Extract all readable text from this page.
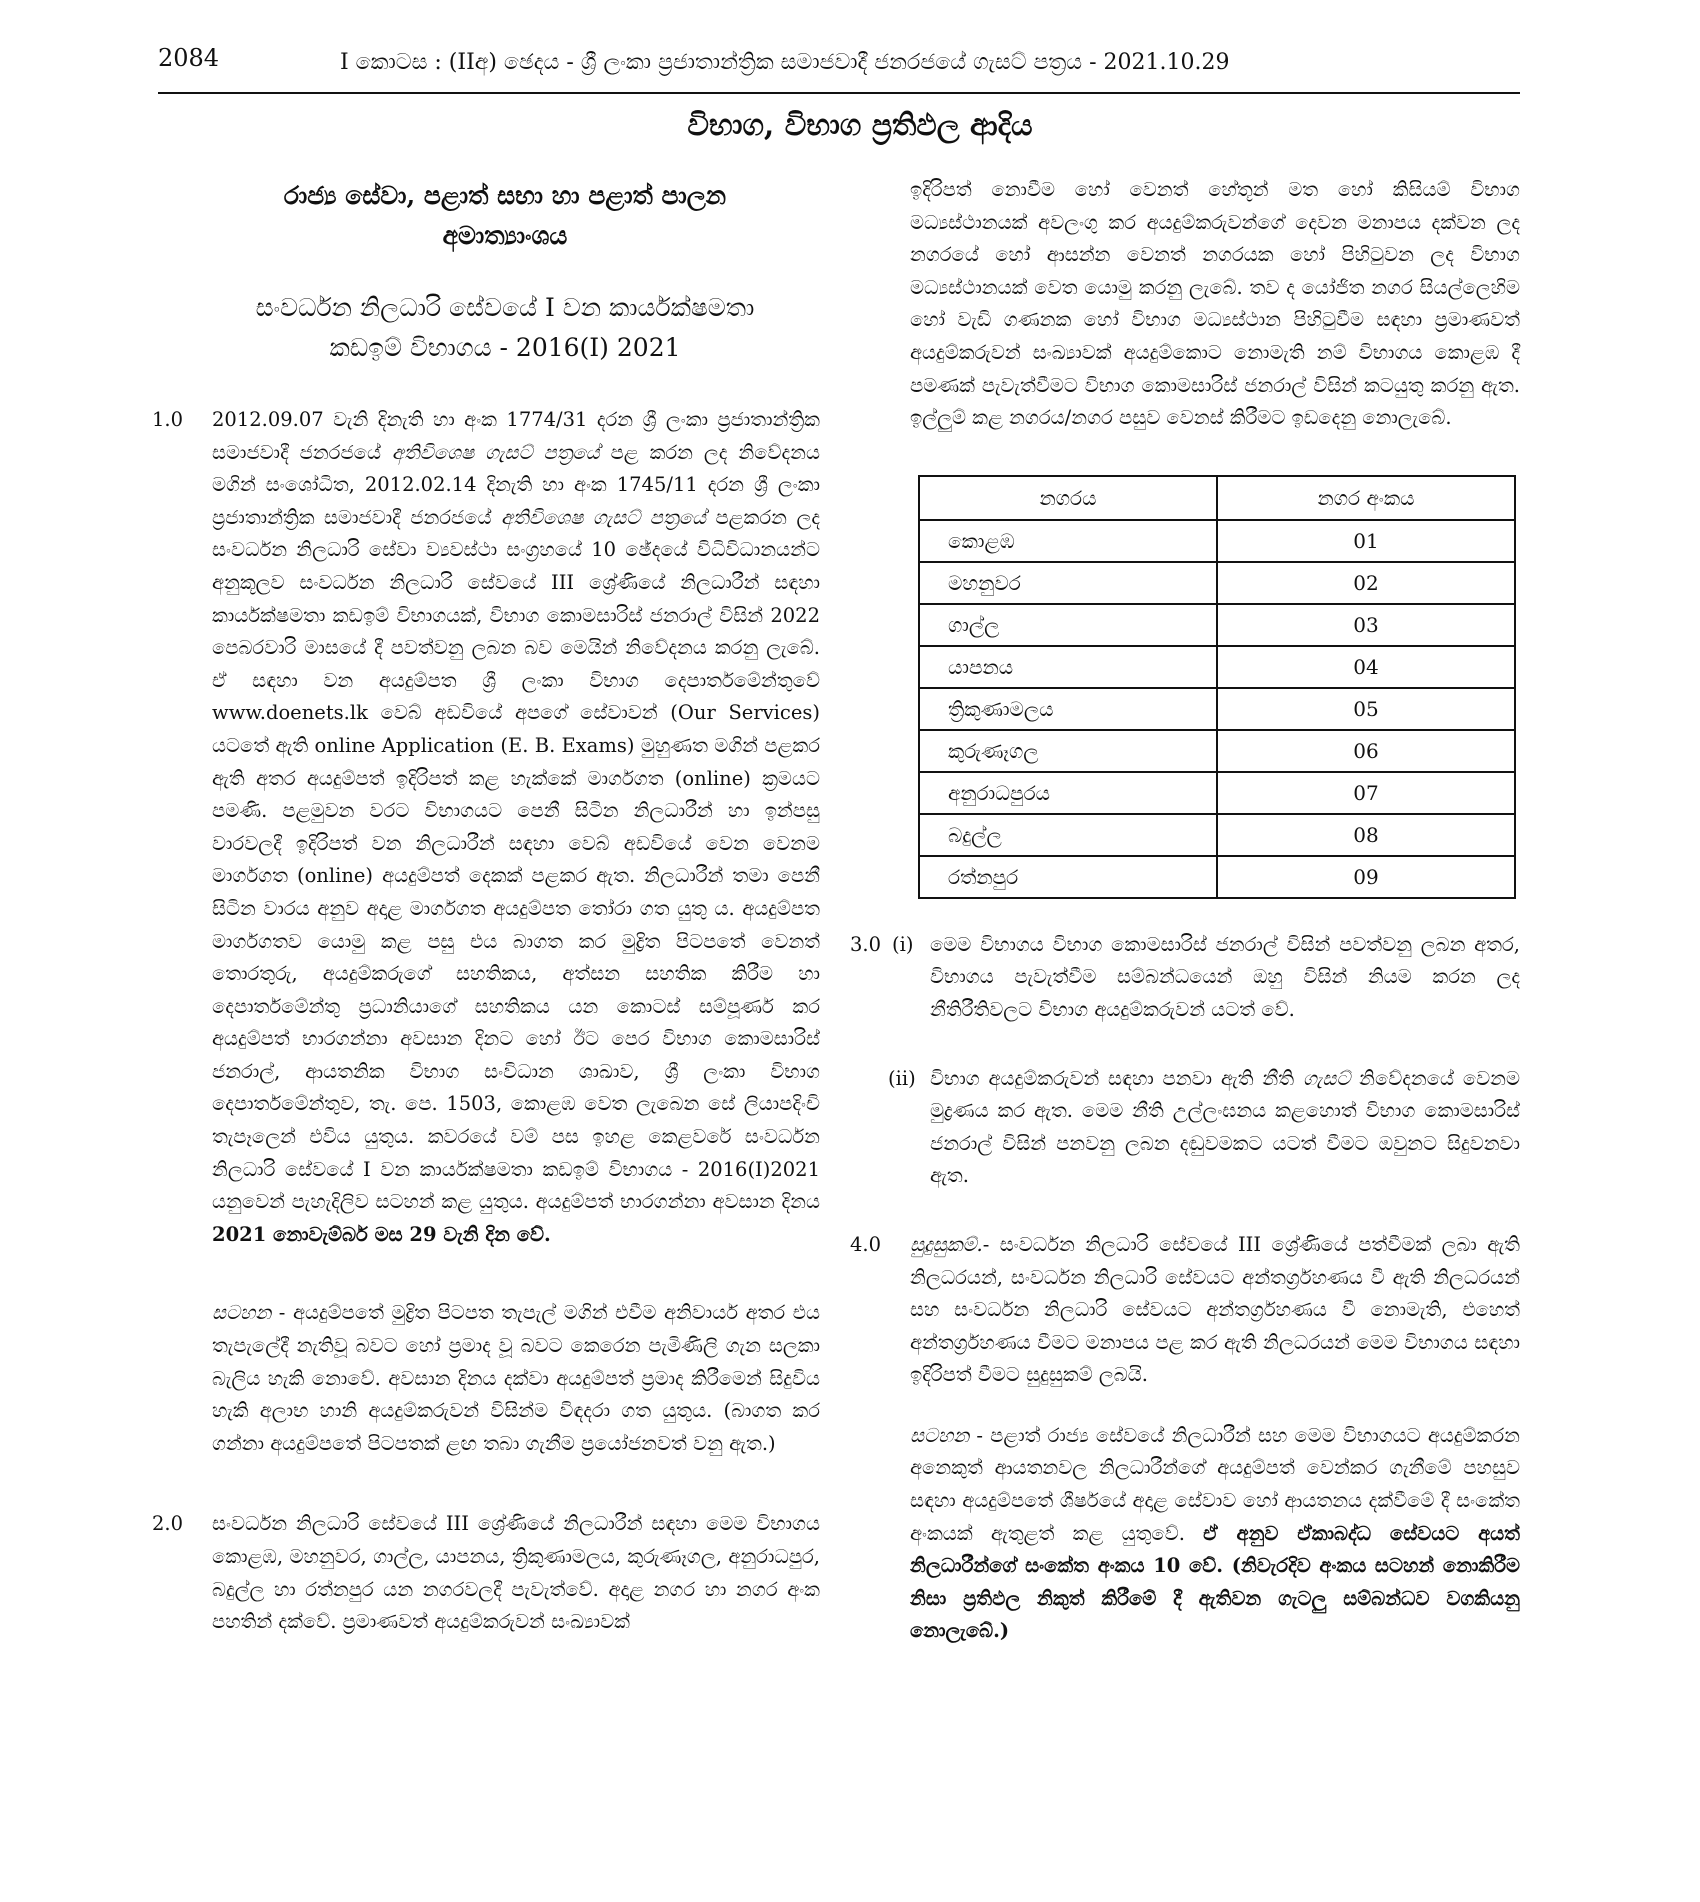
2084	I කොටස : (IIඅ) ඡෙදය - ශ්‍රී ලංකා ප්‍රජාතාන්ත්‍රික සමාජවාදී ජනරජයේ ගැසට් පත්‍රය - 2021.10.29
විභාග, විභාග ප්‍රතිඵල ආදිය
රාජ්‍ය සේවා, පළාත් සභා හා පළාත් පාලන
අමාත්‍යාංශය
සංවර්ධන නිලධාරි සේවයේ I වන කාර්යක්ෂමතා
කඩඉම් විභාගය - 2016(I) 2021
1.0 2012.09.07 වැනි දිනැති හා අංක 1774/31 දරන ශ්‍රී ලංකා ප්‍රජාතාන්ත්‍රික සමාජවාදී ජනරජයේ අතිවිශෙෂ ගැසට් පත්‍රයේ පළ කරන ලද නිවේදනය මගින් සංශෝධිත, 2012.02.14 දිනැති හා අංක 1745/11 දරන ශ්‍රී ලංකා ප්‍රජාතාන්ත්‍රික සමාජවාදී ජනරජයේ අතිවිශෙෂ ගැසට් පත්‍රයේ පළකරන ලද සංවර්ධන නිලධාරි සේවා ව්‍යවස්ථා සංග්‍රහයේ 10 ඡේදයේ විධිවිධානයන්ට අනුකූලව සංවර්ධන නිලධාරි සේවයේ III ශ්‍රේණියේ නිලධාරීන් සඳහා කාර්යක්ෂමතා කඩඉම් විභාගයක්, විභාග කොමසාරිස් ජනරාල් විසින් 2022 පෙබරවාරි මාසයේ දී පවත්වනු ලබන බව මෙයින් නිවේදනය කරනු ලැබේ. ඒ සඳහා වන අයදුම්පත ශ්‍රී ලංකා විභාග දෙපාර්තමේන්තුවේ www.doenets.lk වෙබ් අඩවියේ අපගේ සේවාවන් (Our Services) යටතේ ඇති online Application (E. B. Exams) මුහුණත මගින් පළකර ඇති අතර අයදුම්පත් ඉදිරිපත් කළ හැක්කේ මාර්ගගත (online) ක්‍රමයට පමණි. පළමුවන වරට විභාගයට පෙනී සිටින නිලධාරීන් හා ඉන්පසු වාරවලදී ඉදිරිපත් වන නිලධාරීන් සඳහා වෙබ් අඩවියේ වෙන වෙනම මාර්ගගත (online) අයදුම්පත් දෙකක් පළකර ඇත. නිලධාරීන් තමා පෙනී සිටින වාරය අනුව අදාළ මාර්ගගත අයදුම්පත තෝරා ගත යුතු ය. අයදුම්පත මාර්ගගතව යොමු කළ පසු එය බාගත කර මුද්‍රිත පිටපතේ වෙනත් තොරතුරු, අයදුම්කරුගේ සහතිකය, අත්සන සහතික කිරීම හා දෙපාර්තමේන්තු ප්‍රධානියාගේ සහතිකය යන කොටස් සම්පූර්ණ කර අයදුම්පත් භාරගන්නා අවසාන දිනට හෝ ඊට පෙර විභාග කොමසාරිස් ජනරාල්, ආයතනික විභාග සංවිධාන ශාඛාව, ශ්‍රී ලංකා විභාග දෙපාර්තමේන්තුව, තැ. පෙ. 1503, කොළඹ වෙත ලැබෙන සේ ලියාපදිංචි තැපෑලෙන් එවිය යුතුය. කවරයේ වම් පස ඉහළ කෙළවරේ සංවර්ධන නිලධාරි සේවයේ I වන කාර්යක්ෂමතා කඩඉම් විභාගය - 2016(I)2021 යනුවෙන් පැහැදිලිව සටහන් කළ යුතුය. අයදුම්පත් භාරගන්නා අවසාන දිනය 2021 නොවැම්බර් මස 29 වැනි දින වේ.
සටහන - අයදුම්පතේ මුද්‍රිත පිටපත තැපැල් මගින් එවීම අනිවාර්ය අතර එය තැපැලේදී නැතිවූ බවට හෝ ප්‍රමාද වූ බවට කෙරෙන පැමිණිලි ගැන සලකා බැලිය හැකි නොවේ. අවසාන දිනය දක්වා අයදුම්පත් ප්‍රමාද කිරීමෙන් සිදුවිය හැකි අලාභ හානි අයදුම්කරුවන් විසින්ම විඳදරා ගත යුතුය. (බාගත කර ගන්නා අයදුම්පතේ පිටපතක් ළඟ තබා ගැනීම ප්‍රයෝජනවත් වනු ඇත.)
2.0 සංවර්ධන නිලධාරි සේවයේ III ශ්‍රේණියේ නිලධාරීන් සඳහා මෙම විභාගය කොළඹ, මහනුවර, ගාල්ල, යාපනය, ත්‍රිකුණාමලය, කුරුණෑගල, අනුරාධපුර, බදුල්ල හා රත්නපුර යන නගරවලදී පැවැත්වේ. අදාළ නගර හා නගර අංක පහතින් දක්වේ. ප්‍රමාණවත් අයදුම්කරුවන් සංඛ්‍යාවක්
ඉදිරිපත් නොවීම හෝ වෙනත් හේතූන් මත හෝ කිසියම් විභාග මධ්‍යස්ථානයක් අවලංගු කර අයදුම්කරුවන්ගේ දෙවන මනාපය දක්වන ලද නගරයේ හෝ ආසන්න වෙනත් නගරයක හෝ පිහිටුවන ලද විභාග මධ්‍යස්ථානයක් වෙත යොමු කරනු ලැබේ. තව ද යෝජිත නගර සියල්ලෙහිම හෝ වැඩි ගණනක හෝ විභාග මධ්‍යස්ථාන පිහිටුවීම සඳහා ප්‍රමාණවත් අයදුම්කරුවන් සංඛ්‍යාවක් අයදුම්කොට නොමැති නම් විභාගය කොළඹ දී පමණක් පැවැත්වීමට විභාග කොමසාරිස් ජනරාල් විසින් කටයුතු කරනු ඇත. ඉල්ලුම් කළ නගරය/නගර පසුව වෙනස් කිරීමට ඉඩදෙනු නොලැබේ.
නගරය	නගර අංකය
කොළඹ	01
මහනුවර	02
ගාල්ල	03
යාපනය	04
ත්‍රිකුණාමලය	05
කුරුණෑගල	06
අනුරාධපුරය	07
බදුල්ල	08
රත්නපුර	09
3.0 (i) මෙම විභාගය විභාග කොමසාරිස් ජනරාල් විසින් පවත්වනු ලබන අතර, විභාගය පැවැත්වීම සම්බන්ධයෙන් ඔහු විසින් නියම කරන ලද නීතිරීතිවලට විභාග අයදුම්කරුවන් යටත් වේ.
(ii) විභාග අයදුම්කරුවන් සඳහා පනවා ඇති නීති ගැසට් නිවේදනයේ වෙනම මුද්‍රණය කර ඇත. මෙම නීති උල්ලංඝනය කළහොත් විභාග කොමසාරිස් ජනරාල් විසින් පනවනු ලබන දඬුවමකට යටත් වීමට ඔවුනට සිදුවනවා ඇත.
4.0 සුදුසුකම්.- සංවර්ධන නිලධාරි සේවයේ III ශ්‍රේණියේ පත්වීමක් ලබා ඇති නිලධරයන්, සංවර්ධන නිලධාරි සේවයට අන්තර්ග්‍රහණය වී ඇති නිලධරයන් සහ සංවර්ධන නිලධාරි සේවයට අන්තර්ග්‍රහණය වී නොමැති, එහෙත් අන්තර්ග්‍රහණය වීමට මනාපය පළ කර ඇති නිලධරයන් මෙම විභාගය සඳහා ඉදිරිපත් වීමට සුදුසුකම් ලබයි.
සටහන - පළාත් රාජ්‍ය සේවයේ නිලධාරීන් සහ මෙම විභාගයට අයදුම්කරන අනෙකුත් ආයතනවල නිලධාරීන්ගේ අයදුම්පත් වෙන්කර ගැනීමේ පහසුව සඳහා අයදුම්පතේ ශීර්ෂයේ අදාළ සේවාව හෝ ආයතනය දක්වීමේ දී සංකේත අංකයක් ඇතුළත් කළ යුතුවේ. ඒ අනුව ඒකාබද්ධ සේවයට අයත් නිලධාරීන්ගේ සංකේත අංකය 10 වේ. (නිවැරදිව අංකය සටහන් නොකිරීම නිසා ප්‍රතිඵල නිකුත් කිරීමේ දී ඇතිවන ගැටලු සම්බන්ධව වගකියනු නොලැබේ.)
